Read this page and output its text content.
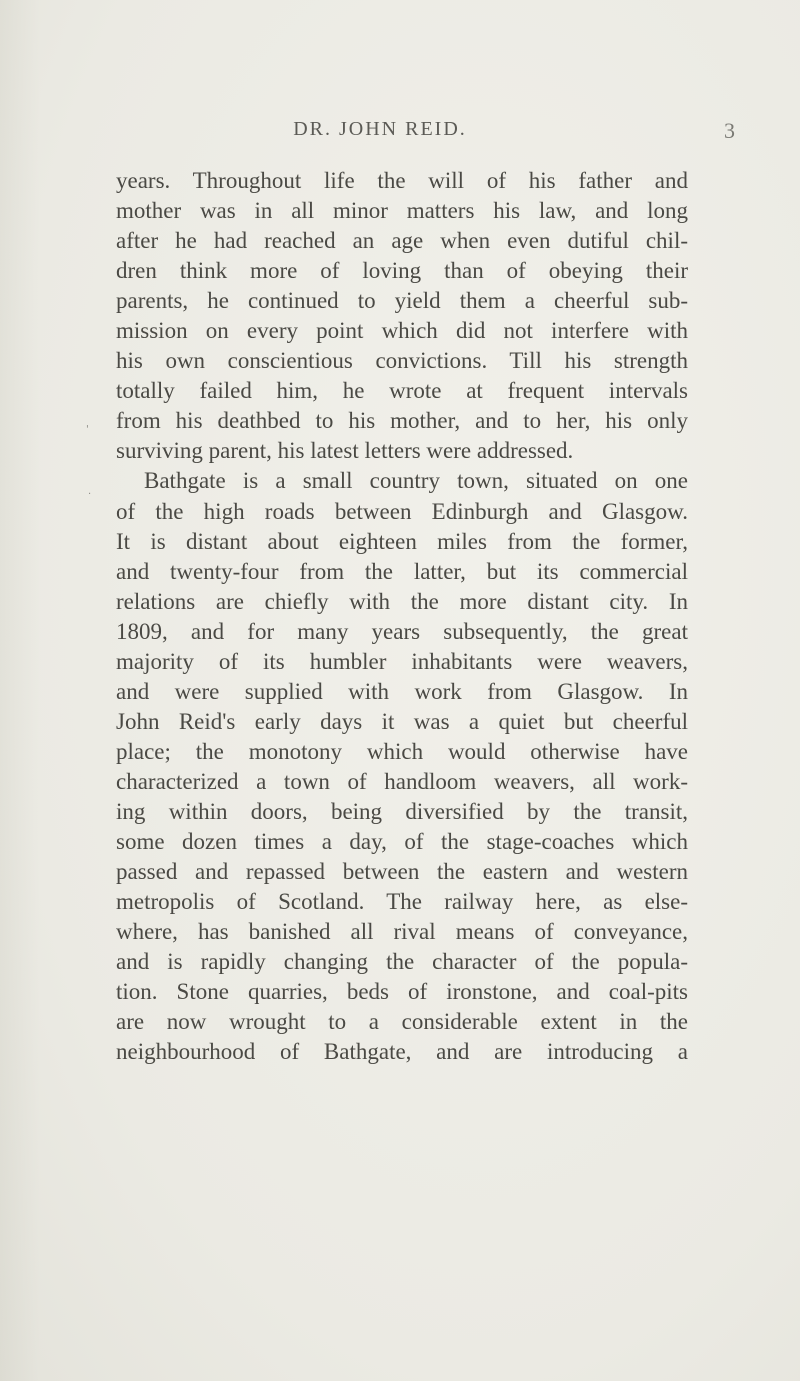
DR. JOHN REID.	3
'
.
years. Throughout life the will of his father and
mother was in all minor matters his law, and long
after he had reached an age when even dutiful chil-
dren think more of loving than of obeying their
parents, he continued to yield them a cheerful sub-
mission on every point which did not interfere with
his own conscientious convictions. Till his strength
totally failed him, he wrote at frequent intervals
from his deathbed to his mother, and to her, his only
surviving parent, his latest letters were addressed.
Bathgate is a small country town, situated on one
of the high roads between Edinburgh and Glasgow.
It is distant about eighteen miles from the former,
and twenty-four from the latter, but its commercial
relations are chiefly with the more distant city. In
1809, and for many years subsequently, the great
majority of its humbler inhabitants were weavers,
and were supplied with work from Glasgow. In
John Reid's early days it was a quiet but cheerful
place; the monotony which would otherwise have
characterized a town of handloom weavers, all work-
ing within doors, being diversified by the transit,
some dozen times a day, of the stage-coaches which
passed and repassed between the eastern and western
metropolis of Scotland. The railway here, as else-
where, has banished all rival means of conveyance,
and is rapidly changing the character of the popula-
tion. Stone quarries, beds of ironstone, and coal-pits
are now wrought to a considerable extent in the
neighbourhood of Bathgate, and are introducing a
